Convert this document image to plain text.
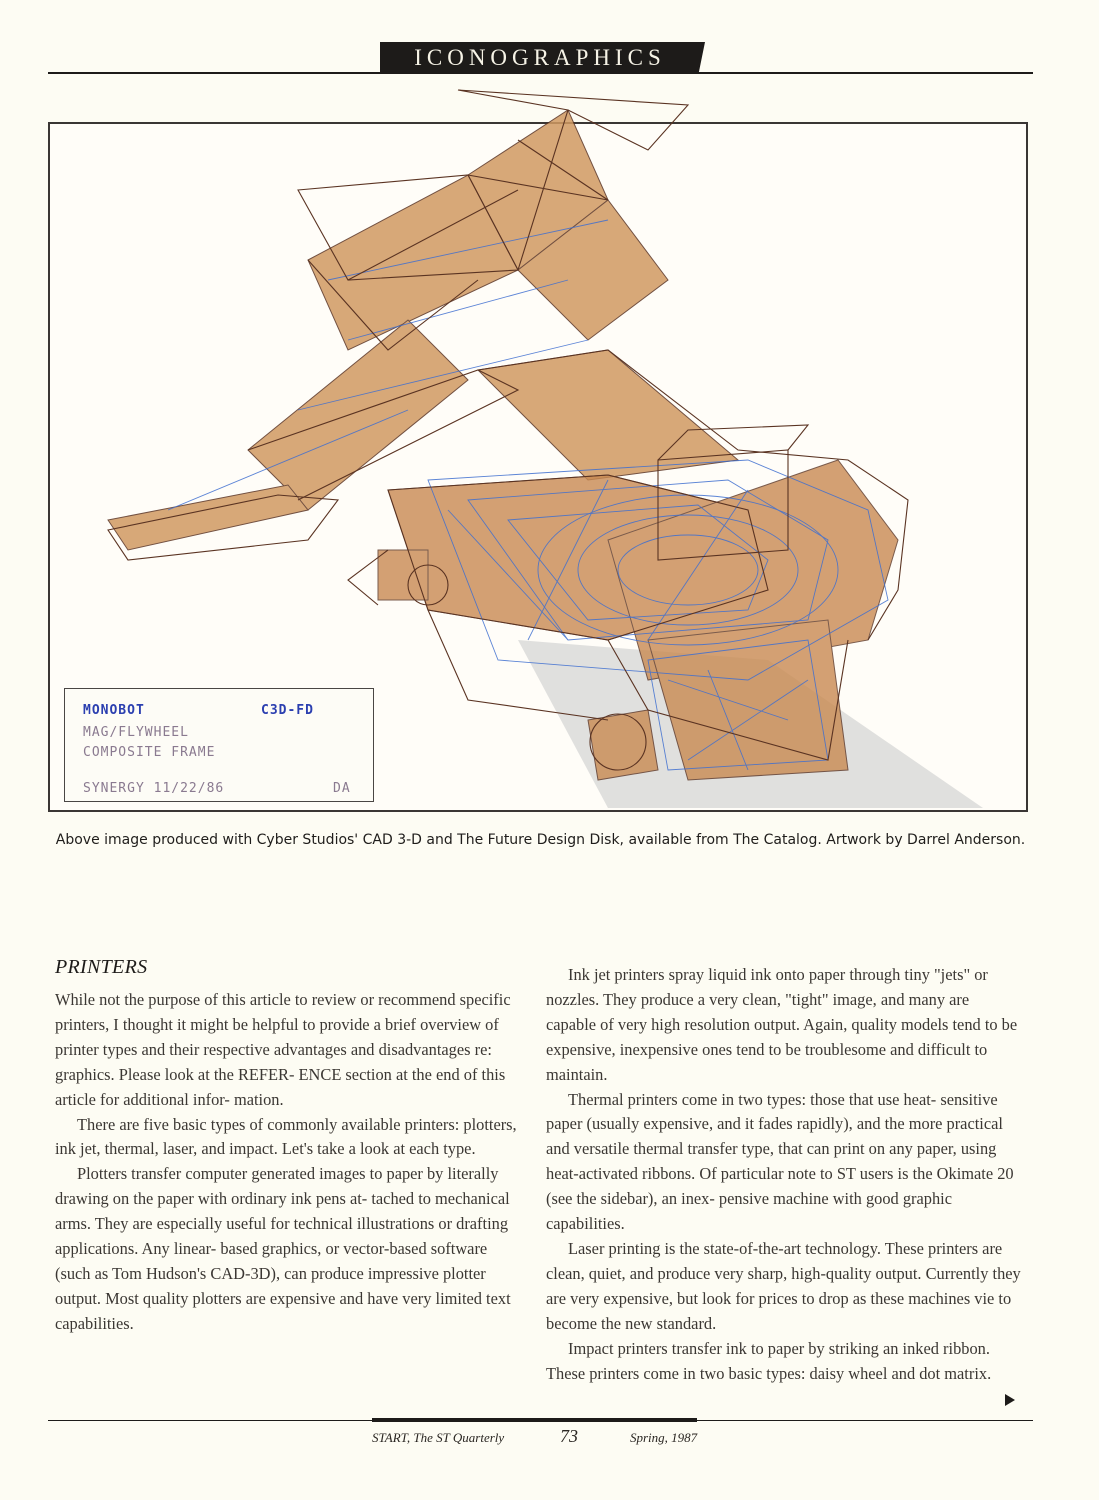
ICONOGRAPHICS
MONOBOT	C3D-FD
MAG/FLYWHEEL
COMPOSITE FRAME
SYNERGY 11/22/86	DA
Above image produced with Cyber Studios' CAD 3-D and The Future Design Disk, available from The Catalog. Artwork by Darrel Anderson.
PRINTERS

While not the purpose of this article to review or recommend specific printers, I thought it might be helpful to provide a brief overview of printer types and their respective advantages and disadvantages re: graphics. Please look at the REFER- ENCE section at the end of this article for additional infor- mation.

There are five basic types of commonly available printers: plotters, ink jet, thermal, laser, and impact. Let's take a look at each type.

Plotters transfer computer generated images to paper by literally drawing on the paper with ordinary ink pens at- tached to mechanical arms. They are especially useful for technical illustrations or drafting applications. Any linear- based graphics, or vector-based software (such as Tom Hudson's CAD-3D), can produce impressive plotter output. Most quality plotters are expensive and have very limited text capabilities.

Ink jet printers spray liquid ink onto paper through tiny "jets" or nozzles. They produce a very clean, "tight" image, and many are capable of very high resolution output. Again, quality models tend to be expensive, inexpensive ones tend to be troublesome and difficult to maintain.

Thermal printers come in two types: those that use heat- sensitive paper (usually expensive, and it fades rapidly), and the more practical and versatile thermal transfer type, that can print on any paper, using heat-activated ribbons. Of particular note to ST users is the Okimate 20 (see the sidebar), an inex- pensive machine with good graphic capabilities.

Laser printing is the state-of-the-art technology. These printers are clean, quiet, and produce very sharp, high-quality output. Currently they are very expensive, but look for prices to drop as these machines vie to become the new standard.

Impact printers transfer ink to paper by striking an inked ribbon. These printers come in two basic types: daisy wheel and dot matrix.

START, The ST Quarterly	73	Spring, 1987
